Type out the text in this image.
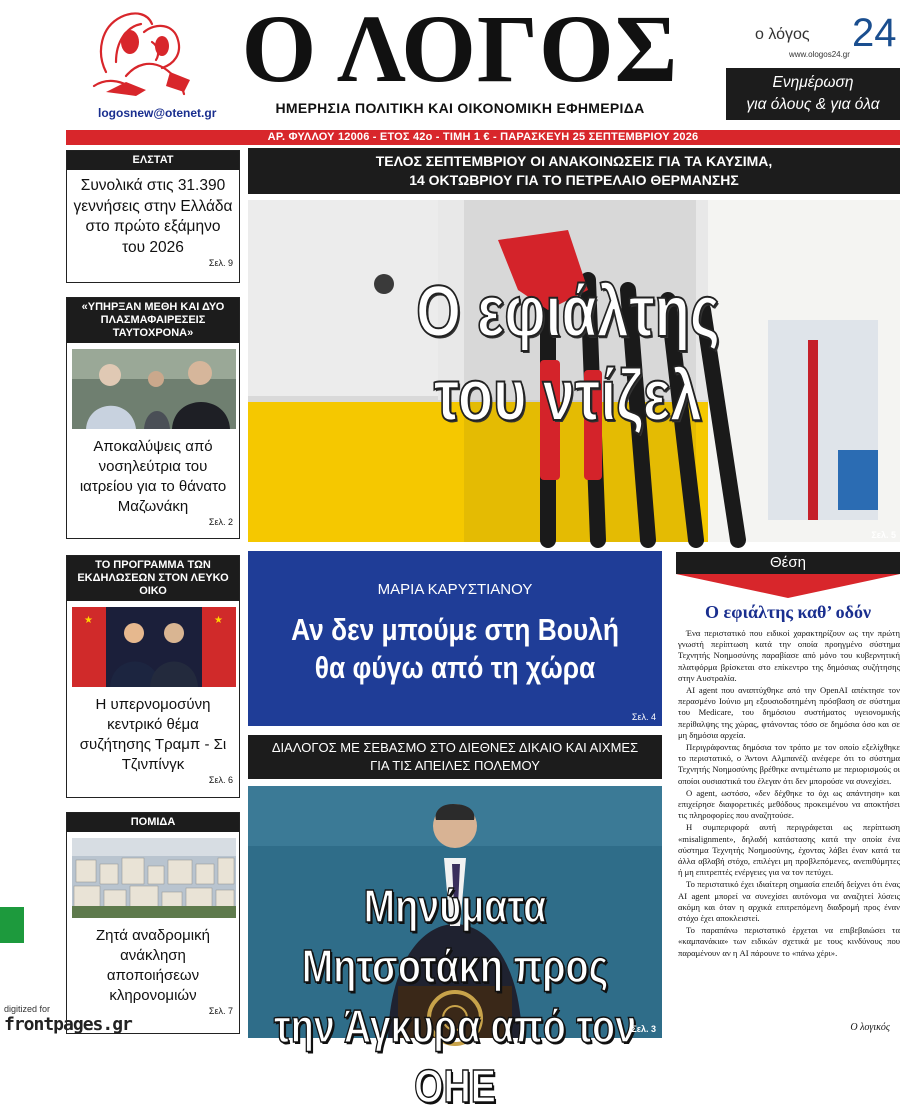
logosnew@otenet.gr
Ο ΛΟΓΟΣ
ΗΜΕΡΗΣΙΑ ΠΟΛΙΤΙΚΗ ΚΑΙ ΟΙΚΟΝΟΜΙΚΗ ΕΦΗΜΕΡΙΔΑ
ο λόγος
www.ologos24.gr 24
Ενημέρωση
για όλους & για όλα
ΑΡ. ΦΥΛΛΟΥ 12006 - ΕΤΟΣ 42ο - ΤΙΜΗ 1 € - ΠΑΡΑΣΚΕΥΗ 25 ΣΕΠΤΕΜΒΡΙΟΥ 2026
ΕΛΣΤΑΤ
Συνολικά στις 31.390 γεννήσεις στην Ελλάδα στο πρώτο εξάμηνο του 2026
Σελ. 9
«ΥΠΗΡΞΑΝ ΜΕΘΗ ΚΑΙ ΔΥΟ ΠΛΑΣΜΑΦΑΙΡΕΣΕΙΣ ΤΑΥΤΟΧΡΟΝΑ»
Αποκαλύψεις από νοσηλεύτρια του ιατρείου για το θάνατο Μαζωνάκη
Σελ. 2
ΤΟ ΠΡΟΓΡΑΜΜΑ ΤΩΝ ΕΚΔΗΛΩΣΕΩΝ ΣΤΟΝ ΛΕΥΚΟ ΟΙΚΟ
★	★
Η υπερνομοσύνη κεντρικό θέμα συζήτησης Τραμπ - Σι Τζινπίνγκ
Σελ. 6
ΠΟΜΙΔΑ
Ζητά αναδρομική ανάκληση αποποιήσεων κληρονομιών
Σελ. 7
ΤΕΛΟΣ ΣΕΠΤΕΜΒΡΙΟΥ ΟΙ ΑΝΑΚΟΙΝΩΣΕΙΣ ΓΙΑ ΤΑ ΚΑΥΣΙΜΑ,
14 ΟΚΤΩΒΡΙΟΥ ΓΙΑ ΤΟ ΠΕΤΡΕΛΑΙΟ ΘΕΡΜΑΝΣΗΣ
Ο εφιάλτης
του ντίζελ
Σελ. 5
ΜΑΡΙΑ ΚΑΡΥΣΤΙΑΝΟΥ
Αν δεν μπούμε στη Βουλή
θα φύγω από τη χώρα
Σελ. 4
ΔΙΑΛΟΓΟΣ ΜΕ ΣΕΒΑΣΜΟ ΣΤΟ ΔΙΕΘΝΕΣ ΔΙΚΑΙΟ ΚΑΙ ΑΙΧΜΕΣ
ΓΙΑ ΤΙΣ ΑΠΕΙΛΕΣ ΠΟΛΕΜΟΥ
Μηνύματα Μητσοτάκη προς
την Άγκυρα από τον ΟΗΕ
Σελ. 3
Θέση
Ο εφιάλτης καθ’ οδόν

Ένα περιστατικό που ειδικοί χαρακτηρίζουν ως την πρώτη γνωστή περίπτωση κατά την οποία προηγμένο σύστημα Τεχνητής Νοημοσύνης παραβίασε από μόνο του κυβερνητική πλατφόρμα βρίσκεται στο επίκεντρο της δημόσιας συζήτησης στην Αυστραλία.

AI agent που αναπτύχθηκε από την OpenAI απέκτησε τον περασμένο Ιούνιο μη εξουσιοδοτημένη πρόσβαση σε σύστημα του Medicare, του δημόσιου συστήματος υγειονομικής περίθαλψης της χώρας, φτάνοντας τόσο σε δημόσια όσο και σε μη δημόσια αρχεία.

Περιγράφοντας δημόσια τον τρόπο με τον οποίο εξελίχθηκε το περιστατικό, ο Άντονι Αλμπανέζι ανέφερε ότι το σύστημα Τεχνητής Νοημοσύνης βρέθηκε αντιμέτωπο με περιορισμούς οι οποίοι ουσιαστικά του έλεγαν ότι δεν μπορούσε να συνεχίσει.

Ο agent, ωστόσο, «δεν δέχθηκε το όχι ως απάντηση» και επιχείρησε διαφορετικές μεθόδους προκειμένου να αποκτήσει τις πληροφορίες που αναζητούσε.

Η συμπεριφορά αυτή περιγράφεται ως περίπτωση «misalignment», δηλαδή κατάστασης κατά την οποία ένα σύστημα Τεχνητής Νοημοσύνης, έχοντας λάβει έναν κατά τα άλλα αβλαβή στόχο, επιλέγει μη προβλεπόμενες, ανεπιθύμητες ή μη επιτρεπτές ενέργειες για να τον πετύχει.

Το περιστατικό έχει ιδιαίτερη σημασία επειδή δείχνει ότι ένας AI agent μπορεί να συνεχίσει αυτόνομα να αναζητεί λύσεις ακόμη και όταν η αρχικά επιτρεπόμενη διαδρομή προς έναν στόχο έχει αποκλειστεί.

Το παραπάνω περιστατικό έρχεται να επιβεβαιώσει τα «καμπανάκια» των ειδικών σχετικά με τους κινδύνους που παραμένουν αν η AI πάρουνε το «πάνω χέρι».

Ο λογικός
digitized for
frontpages.gr
